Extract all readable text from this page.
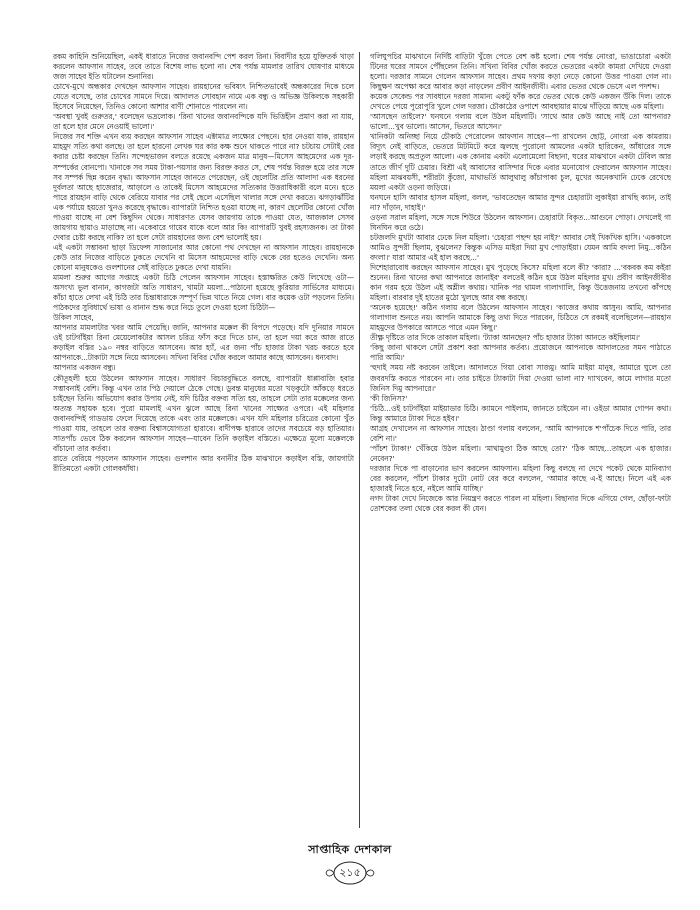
রকম কাহিনি শুনিয়েছিল, একই ধারাতে নিজের জবানবন্দি পেশ করল রিনা। বিবাদীর হয়ে যুক্তিতর্ক খাড়া করলেন আফসান সাহেব, তবে তাতে বিশেষ লাভ হলো না। শেষ পর্যন্ত মামলার তারিখ ঘোষণার মাধ্যমে জজ সাহেব ইতি ঘটালেন শুনানির।

চোখে-মুখে অন্ধকার দেখছেন আফসান সাহেব। রায়হানের ভবিষ্যৎ নিশ্চিতভাবেই অন্ধকারের দিকে চলে যেতে বসেছে, তার চোখের সামনে দিয়ে। আদালত সোবহান নামে এক বন্ধু ও অভিজ্ঞ উকিলকে সহকারী হিসেবে নিয়েছেন, তিনিও কোনো আশার বাণী শোনাতে পারলেন না।

'অবস্থা খুবই গুরুতর,' বলেছেন ভদ্রলোক। 'রিনা খানের জবানবন্দিকে যদি ভিত্তিহীন প্রমাণ করা না যায়, তা হলে হার মেনে নেওয়াই ভালো।'

নিজের সব শক্তি এখন ব্যয় করছেন আফসান সাহেব এক্টামাত্র ল্যক্ষ্যের পেছনে। হার নেওয়া যাক, রায়হান মাহমুদ সত্যি কথা বলছে। তা হলে হারনো লেখক ঘর কার কক্ষ শুনে থাকতে পারে না? চটচায় সেটাই বের করার চেষ্টা করছেন তিনি। সন্দেহভাজন বলতে রয়েছে একজন মাত্র মানুষ—মিসেস আহমেদের এক দূর-সম্পর্কের বোনপো। খানাকে সব সময় টাকা-পয়সার জন্য বিরক্ত করত সে, শেষ পর্যন্ত বিরক্ত হয়ে তার সঙ্গে সব সম্পর্ক ছিন্ন করেন বৃদ্ধা। আফসান সাহেব জানতে পেরেছেন, ওই ছেলেটির প্রতি আলাদা এক ধরনের দুর্বলতা আছে হাজেরার, আড়ালে ও তাকেই মিসেস আহমেদের সত্যিকার উত্তরাধিকারী বলে মনে। হতে পারে রায়হান বাড়ি থেকে বেরিয়ে যাবার পর সেই ছেলে এসেছিল খালার সঙ্গে দেখা করতে। ঝগড়াঝাঁটির এক পর্যায়ে হয়তো খুনও করেছে বৃদ্ধাকে। ব্যাপারটা নিশ্চিত হওয়া যাচ্ছে না, কারণ ছেলেটির কোনো খোঁজ পাওয়া যাচ্ছে না বেশ কিছুদিন থেকে। সাধারণত যেসব জায়গায় তাকে পাওয়া যেত, আজকাল সেসব জায়গায় ছায়াও মাড়াচ্ছে না। একেবারে গায়েব যাকে বলে আর কি! ব্যাপারটি খুবই রহস্যজনক। তা টাকা দেবার চেষ্টা করছে নাকি? তা হলে সেটা রায়হানের জন্য বেশ ভালোই হয়।

এই একটা সম্ভাবনা ছাড়া ডিফেন্স সাজানোর আর কোনো পথ দেখছেন না আফসান সাহেব। রায়হানকে কেউ তার নিজের বাড়িতে ঢুকতে দেখেনি বা মিসেস আহমেদের বাড়ি থেকে বের হতেও দেখেনি। অন্য কোনো মানুষকেও গুলশানের সেই বাড়িতে ঢুকতে দেখা যায়নি।

মামলা শুরুর আগের সপ্তাহে একটা চিঠি পেলেন আফসান সাহেব। হস্তাক্ষরিত কেউ লিখেছে ওটা—অসংখ্য ভুল বানান, কাগজটা অতি সাধারণ, খামটা ময়লা...পাঠানো হয়েছে কুরিয়ার সার্ভিসের মাধ্যমে। কাঁচা হাতে লেখা এই চিঠি তার চিন্তাধারাকে সম্পূর্ণ ভিন্ন খাতে নিয়ে গেল। বার কয়েক ওটা পড়লেন তিনি। পাঠকদের সুবিধার্থে ভাষা ও বানান শুদ্ধ করে নিচে তুলে দেওয়া হলো চিঠিটা—

উকিল সাহেব,

আপনার মামলাটার খবর আমি পেয়েছি। জানি, আপনার মক্কেল কী বিপদে পড়েছে। যদি দুনিয়ার সামনে ওই চাটগাঁইয়া রিনা মেয়েলোকটার আসল চরিত্র ফাঁস করে দিতে চান, তা হলে দয়া করে আজ রাতে কড়াইল বস্তির ১৯০ নম্বর বাড়িতে আসবেন। আর হ্যাঁ, এর জন্য পাঁচ হাজার টাকা খরচ করতে হবে আপনাকে...টাকাটা সঙ্গে নিয়ে আসবেন। সখিনা বিবির খোঁজ করলে আমার কাছে আসবেন। ধন্যবাদ।

আপনার একজন বন্ধু।

কৌতূহলী হয়ে উঠলেন আফসান সাহেব। সাধারণ বিচারবুদ্ধিতে বলছে, ব্যাপারটা ধাপ্পাবাজি হবার সম্ভাবনাই বেশি। কিন্তু এখন তার পিঠ দেয়ালে ঠেকে গেছে। ডুবন্ত মানুষের মতো খড়কুটো আঁকড়ে ধরতে চাইছেন তিনি। অভিযোগ করার উপায় নেই, যদি চিঠির বক্তব্য সত্যি হয়, তাহলে সেটা তার মক্কেলের জন্য অত্যন্ত সহায়ক হবে। পুরো মামলাই এখন ঝুলে আছে রিনা খানের সাক্ষ্যের ওপরে। এই মহিলার জবানবন্দিই গাডডায় ফেলে দিয়েছে তাকে এবং তার মক্কেলকে। এখন যদি মহিলার চরিত্রের কোনো খুঁত পাওয়া যায়, তাহলে তার বক্তব্য বিশ্বাসযোগ্যতা হারাবে। বাদীপক্ষ হারাবে তাদের সবচেয়ে বড় হাতিয়ার। সাতপাঁচ ভেবে ঠিক করলেন আফসান সাহেব—যাবেন তিনি কড়াইল বস্তিতে। এক্ষেত্রে মূল্যে মক্কেলকে বাঁচানো তার কর্তব্য।

রাতে বেরিয়ে পড়লেন আফসান সাহেব। গুলশান আর বনানীর ঠিক মাঝখানে কড়াইল বস্তি, জায়গাটা রীতিমতো একটা গোলকধাঁধা।

গলিঘুপচির মাঝখানে নির্দিষ্ট বাড়িটা খুঁজে পেতে বেশ কষ্ট হলো। শেষ পর্যন্ত নোংরা, ভাঙাচোরা একটা টিনের ঘরের সামনে পৌঁছলেন তিনি। সখিনা বিবির খোঁজ করতে ভেতরের একটা কামরা দেখিয়ে দেওয়া হলো। দরজার সামনে গেলেন আফসান সাহেব। প্রথম দফায় কড়া নেড়ে কোনো উত্তর পাওয়া গেল না। কিছুক্ষণ অপেক্ষা করে আবার কড়া নাড়লেন প্রবীণ আইনজীবী। এবার ভেতর থেকে ভেসে এল পদশব্দ।

কয়েক সেকেন্ড পর সাবধানে দরজা সামান্য একটু ফাঁক করে ভেতর থেকে কেউ একজন উঁকি দিল। তাকে দেখতে পেয়ে পুরোপুরি খুলে গেল দরজা। চৌকাঠের ওপাশে আবছায়ার মাঝে দাঁড়িয়ে আছে এক মহিলা।

'আসছেন তাইলে?' ঘনঘনে গলায় বলে উঠল মহিলাটি। 'সাথে আর কেউ আছে নাই তো আপনার? ভালো...খুব ভালো। আসেন, ভিতরে আসেন।'

খানিকটা অনিচ্ছা নিয়ে চৌকাঠ পেরোলেন আফসান সাহেব—পা রাখলেন ছোট্ট, নোংরা এক কামরায়। বিদ্যুৎ নেই বাড়িতে, ভেতরে মিটমিটে করে জ্বলছে পুরোনো আমলের একটা হারিকেন, আঁধারের সঙ্গে লড়াই করছে অপ্রতুল আলো। এক কোনায় একটা এলোমেলো বিছানা, ঘরের মাঝখানে একটা টেবিল আর তাতে জীর্ণ দুটি চেয়ার। বিশ্রী এই আবাসের বাসিন্দার দিকে এবার মনোযোগ ফেরালেন আফসান সাহেব। মহিলা মাঝবয়সী, শরীরটা কুঁজো, মাথাভর্তি আলুথালু কাঁচাপাকা চুল, মুখের অনেকখানি ঢেকে রেখেছে ময়লা একটা ওড়না জড়িয়ে।

ঘনঘনে হাসি আবার হাসল মহিলা, বলল, 'ভাবতেছেন আমার সুন্দর চেহারাটা লুকাইয়া রাখছি ক্যান, তাই না? দাঁড়ান, দাহাই।'

ওড়না সরাল মহিলা, সঙ্গে সঙ্গে শিউরে উঠলেন আফসান। চেহারাটা বিকৃত...আগুনে পোড়া। দেখলেই গা ঘিনঘিন করে ওঠে।

চটজলদি মুখটা আবার ঢেকে নিল মহিলা। 'চেহারা পছন্দ হয় নাই?' আবার সেই খিকখিক হাসি। 'এককালে আমিও সুন্দরী ছিলাম, বুঝলেন? কিন্তুক এসিড মাইরা দিয়া মুখ পোড়াইয়া। যেমন আমি বদলা নিমু...কঠিন বদলা।' যারা আমার এই হাল করছে...'

দিশেহারাবোধ করছেন আফসান সাহেব। মুখ পুড়েছে কিসে? মহিলা বলে কী? 'কারা? ...'বকবক কম কইরা শুনেন। রিনা খানের কথা আপনারে জানাইব' বলতেই কঠিন হয়ে উঠল মহিলার মুখ। প্রবীণ আইনজীবীর কান গরম হয়ে উঠল এই অশ্লীল কথায়। খানিক পর থামল গালাগালি, কিন্তু উত্তেজনায় তখনো কাঁপছে মহিলা। বারবার দুই হাতের মুঠো খুলছে আর বন্ধ করছে।

'অনেক হয়েছে!' কঠিন গলায় বলে উঠলেন আফসান সাহেব। 'কাজের কথায় আসুন। আমি, আপনার গালাগাল শুনতে নয়। আপনি আমাকে কিছু তথ্য দিতে পারবেন, চিঠিতে সে রকমই বলেছিলেন—রায়হান মাহমুদের উপকারে আসতে পারে এমন কিছু।'

তীক্ষ্ণ দৃষ্টিতে তার দিকে তাকাল মহিলা। 'ট্যাকা আনছেন? পাঁচ হাজার ট্যাকা আনতে কইছিলাম।'

'কিছু জানা থাকলে সেটা প্রকাশ করা আপনার কর্তব্য। প্রয়োজনে আপনাকে আদালতের সমন পাঠাতে পারি আমি।'

'হুদাই সময় নষ্ট করবেন তাইলে। আদালতে গিয়া বোবা সাজমু। আমি মাইয়া মানুষ, আমারে ঘুলে তো জবরদস্তি করতে পারবেন না। তার চাইতে ট্যাকাটা দিয়া দেওয়া ভালা না? দ্যাখবেন, কামে লাগার মতো জিনিস দিমু আপনারে।'

'কী জিনিস?'

'চিঠি...ওই চাটগাঁইয়া মাইয়াডার চিঠি। ক্যামনে পাইলাম, জানতে চাইয়েন না। ওইডা আমার গোপন কথা। কিন্তু আমারে ট্যাকা দিতে হইব।'

আগ্রহ দেখালেন না আফসান সাহেব। ঠাণ্ডা গলায় বললেন, 'আমি আপনাকে শ'পাঁচেক দিতে পারি, তার বেশি না।'

'পাঁচশ ট্যাকা!' খেঁকিয়ে উঠল মহিলা। 'মাথামুণ্ডা ঠিক আছে তো?' 'ঠিক আছে...তাহলে এক হাজার। নেবেন?'

দরজার দিকে পা বাড়ানোর ভাণ করলেন আফসান। মহিলা কিছু বলছে না দেখে পকেট থেকে মানিব্যাগ বের করলেন, পাঁচশ টাকার দুটো নোট বের করে বললেন, 'আমার কাছে এ-ই আছে। নিলে এই এক হাজারই নিতে হবে, নইলে আমি যাচ্ছি।'

নগদ টাকা দেখে নিজেকে আর নিয়ন্ত্রণ করতে পারল না মহিলা। বিছানার দিকে এগিয়ে গেল, ছোঁড়া-ফাটা তোশকের তলা থেকে বের করল কী যেন।

সাপ্তাহিক দেশকাল
২১৫
